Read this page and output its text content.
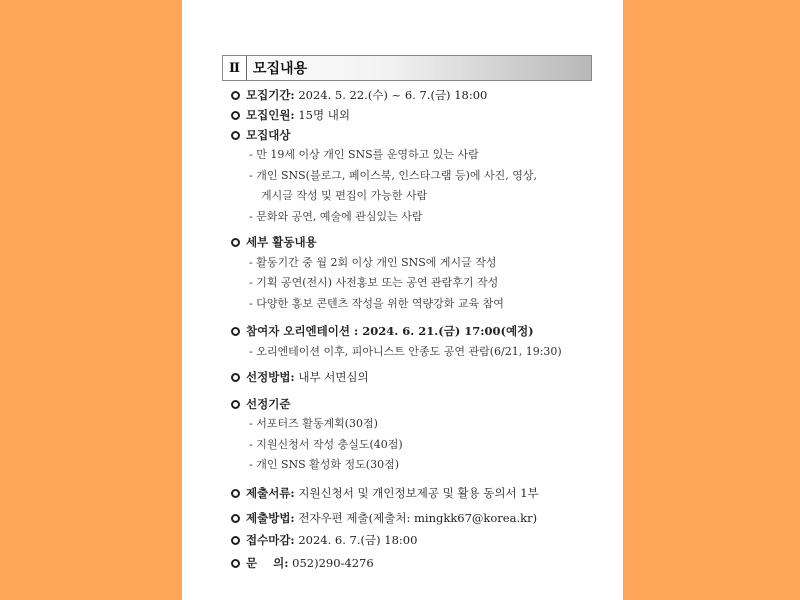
Ⅱ 모집내용
모집기간: 2024. 5. 22.(수) ~ 6. 7.(금) 18:00
모집인원: 15명 내외
모집대상
- 만 19세 이상 개인 SNS를 운영하고 있는 사람
- 개인 SNS(블로그, 페이스북, 인스타그램 등)에 사진, 영상,
게시글 작성 및 편집이 가능한 사람
- 문화와 공연, 예술에 관심있는 사람
세부 활동내용
- 활동기간 중 월 2회 이상 개인 SNS에 게시글 작성
- 기획 공연(전시) 사전홍보 또는 공연 관람후기 작성
- 다양한 홍보 콘텐츠 작성을 위한 역량강화 교육 참여
참여자 오리엔테이션 : 2024. 6. 21.(금) 17:00(예정)
- 오리엔테이션 이후, 피아니스트 안종도 공연 관람(6/21, 19:30)
선정방법: 내부 서면심의
선정기준
- 서포터즈 활동계획(30점)
- 지원신청서 작성 충실도(40점)
- 개인 SNS 활성화 정도(30점)
제출서류: 지원신청서 및 개인정보제공 및 활용 동의서 1부
제출방법: 전자우편 제출(제출처: mingkk67@korea.kr)
접수마감: 2024. 6. 7.(금) 18:00
문    의: 052)290-4276
